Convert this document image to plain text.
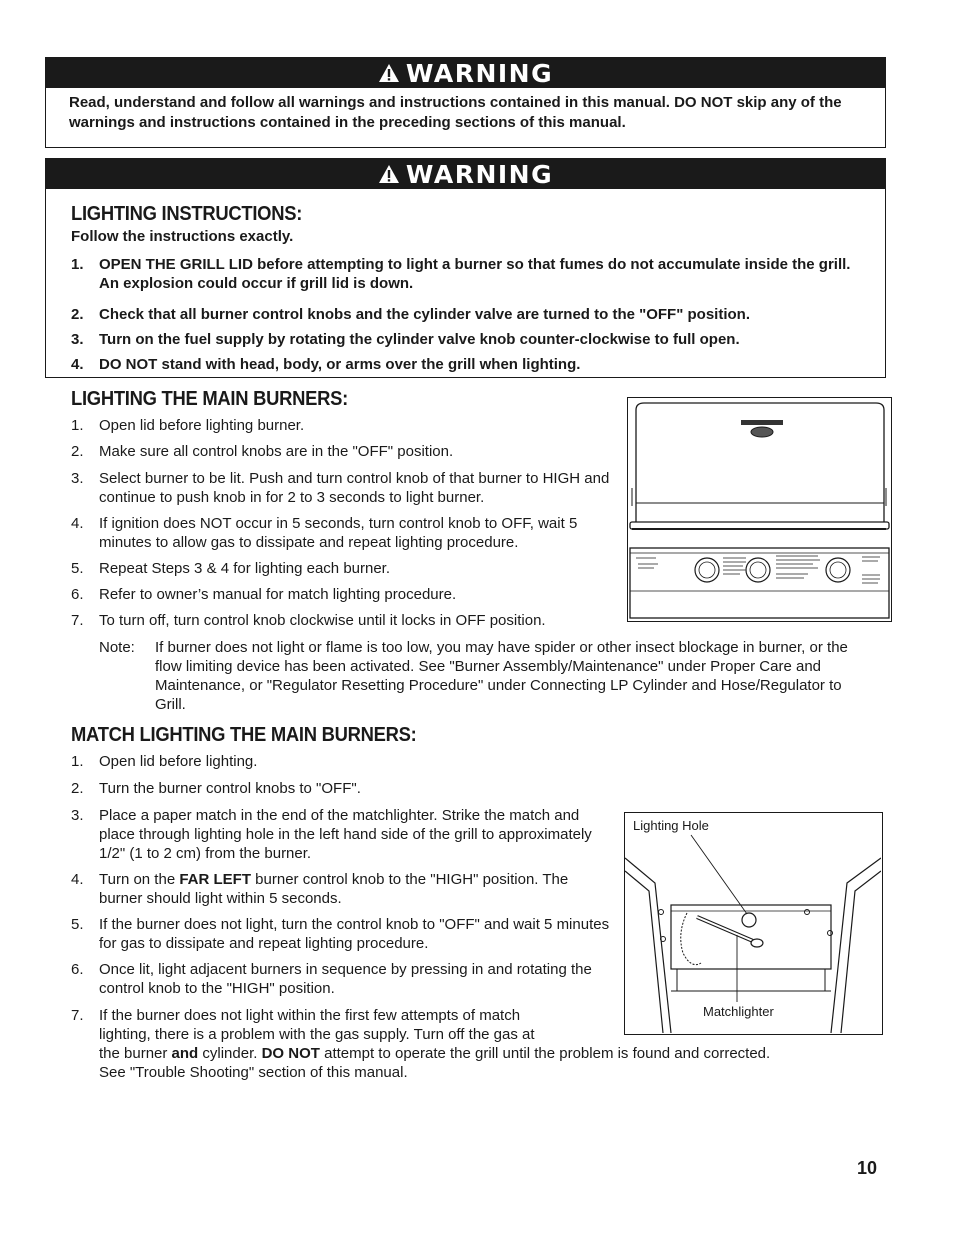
WARNING
Read, understand and follow all warnings and instructions contained in this manual. DO NOT skip any of the warnings and instructions contained in the preceding sections of this manual.
WARNING
LIGHTING INSTRUCTIONS:
Follow the instructions exactly.
1. OPEN THE GRILL LID before attempting to light a burner so that fumes do not accumulate inside the grill. An explosion could occur if grill lid is down.
2. Check that all burner control knobs and the cylinder valve are turned to the "OFF" position.
3. Turn on the fuel supply by rotating the cylinder valve knob counter-clockwise to full open.
4. DO NOT stand with head, body, or arms over the grill when lighting.
LIGHTING THE MAIN BURNERS:
1. Open lid before lighting burner.
2. Make sure all control knobs are in the "OFF" position.
3. Select burner to be lit. Push and turn control knob of that burner to HIGH and continue to push knob in for 2 to 3 seconds to light burner.
4. If ignition does NOT occur in 5 seconds, turn control knob to OFF, wait 5 minutes to allow gas to dissipate and repeat lighting procedure.
5. Repeat Steps 3 & 4 for lighting each burner.
6. Refer to owner’s manual for match lighting procedure.
7. To turn off, turn control knob clockwise until it locks in OFF position.
Note: If burner does not light or flame is too low, you may have spider or other insect blockage in burner, or the flow limiting device has been activated. See "Burner Assembly/Maintenance" under Proper Care and Maintenance, or "Regulator Resetting Procedure" under Connecting LP Cylinder and Hose/Regulator to Grill.
MATCH LIGHTING THE MAIN BURNERS:
1. Open lid before lighting.
2. Turn the burner control knobs to "OFF".
3. Place a paper match in the end of the matchlighter. Strike the match and place through lighting hole in the left hand side of the grill to approximately 1/2" (1 to 2 cm) from the burner.
4. Turn on the FAR LEFT burner control knob to the "HIGH" position. The burner should light within 5 seconds.
5. If the burner does not light, turn the control knob to "OFF" and wait 5 minutes for gas to dissipate and repeat lighting procedure.
6. Once lit, light adjacent burners in sequence by pressing in and rotating the control knob to the "HIGH" position.
7.	If the burner does not light within the first few attempts of match
lighting, there is a problem with the gas supply. Turn off the gas at
the burner and cylinder. DO NOT attempt to operate the grill until the problem is found and corrected.
See "Trouble Shooting" section of this manual.
Lighting Hole
Matchlighter
10
